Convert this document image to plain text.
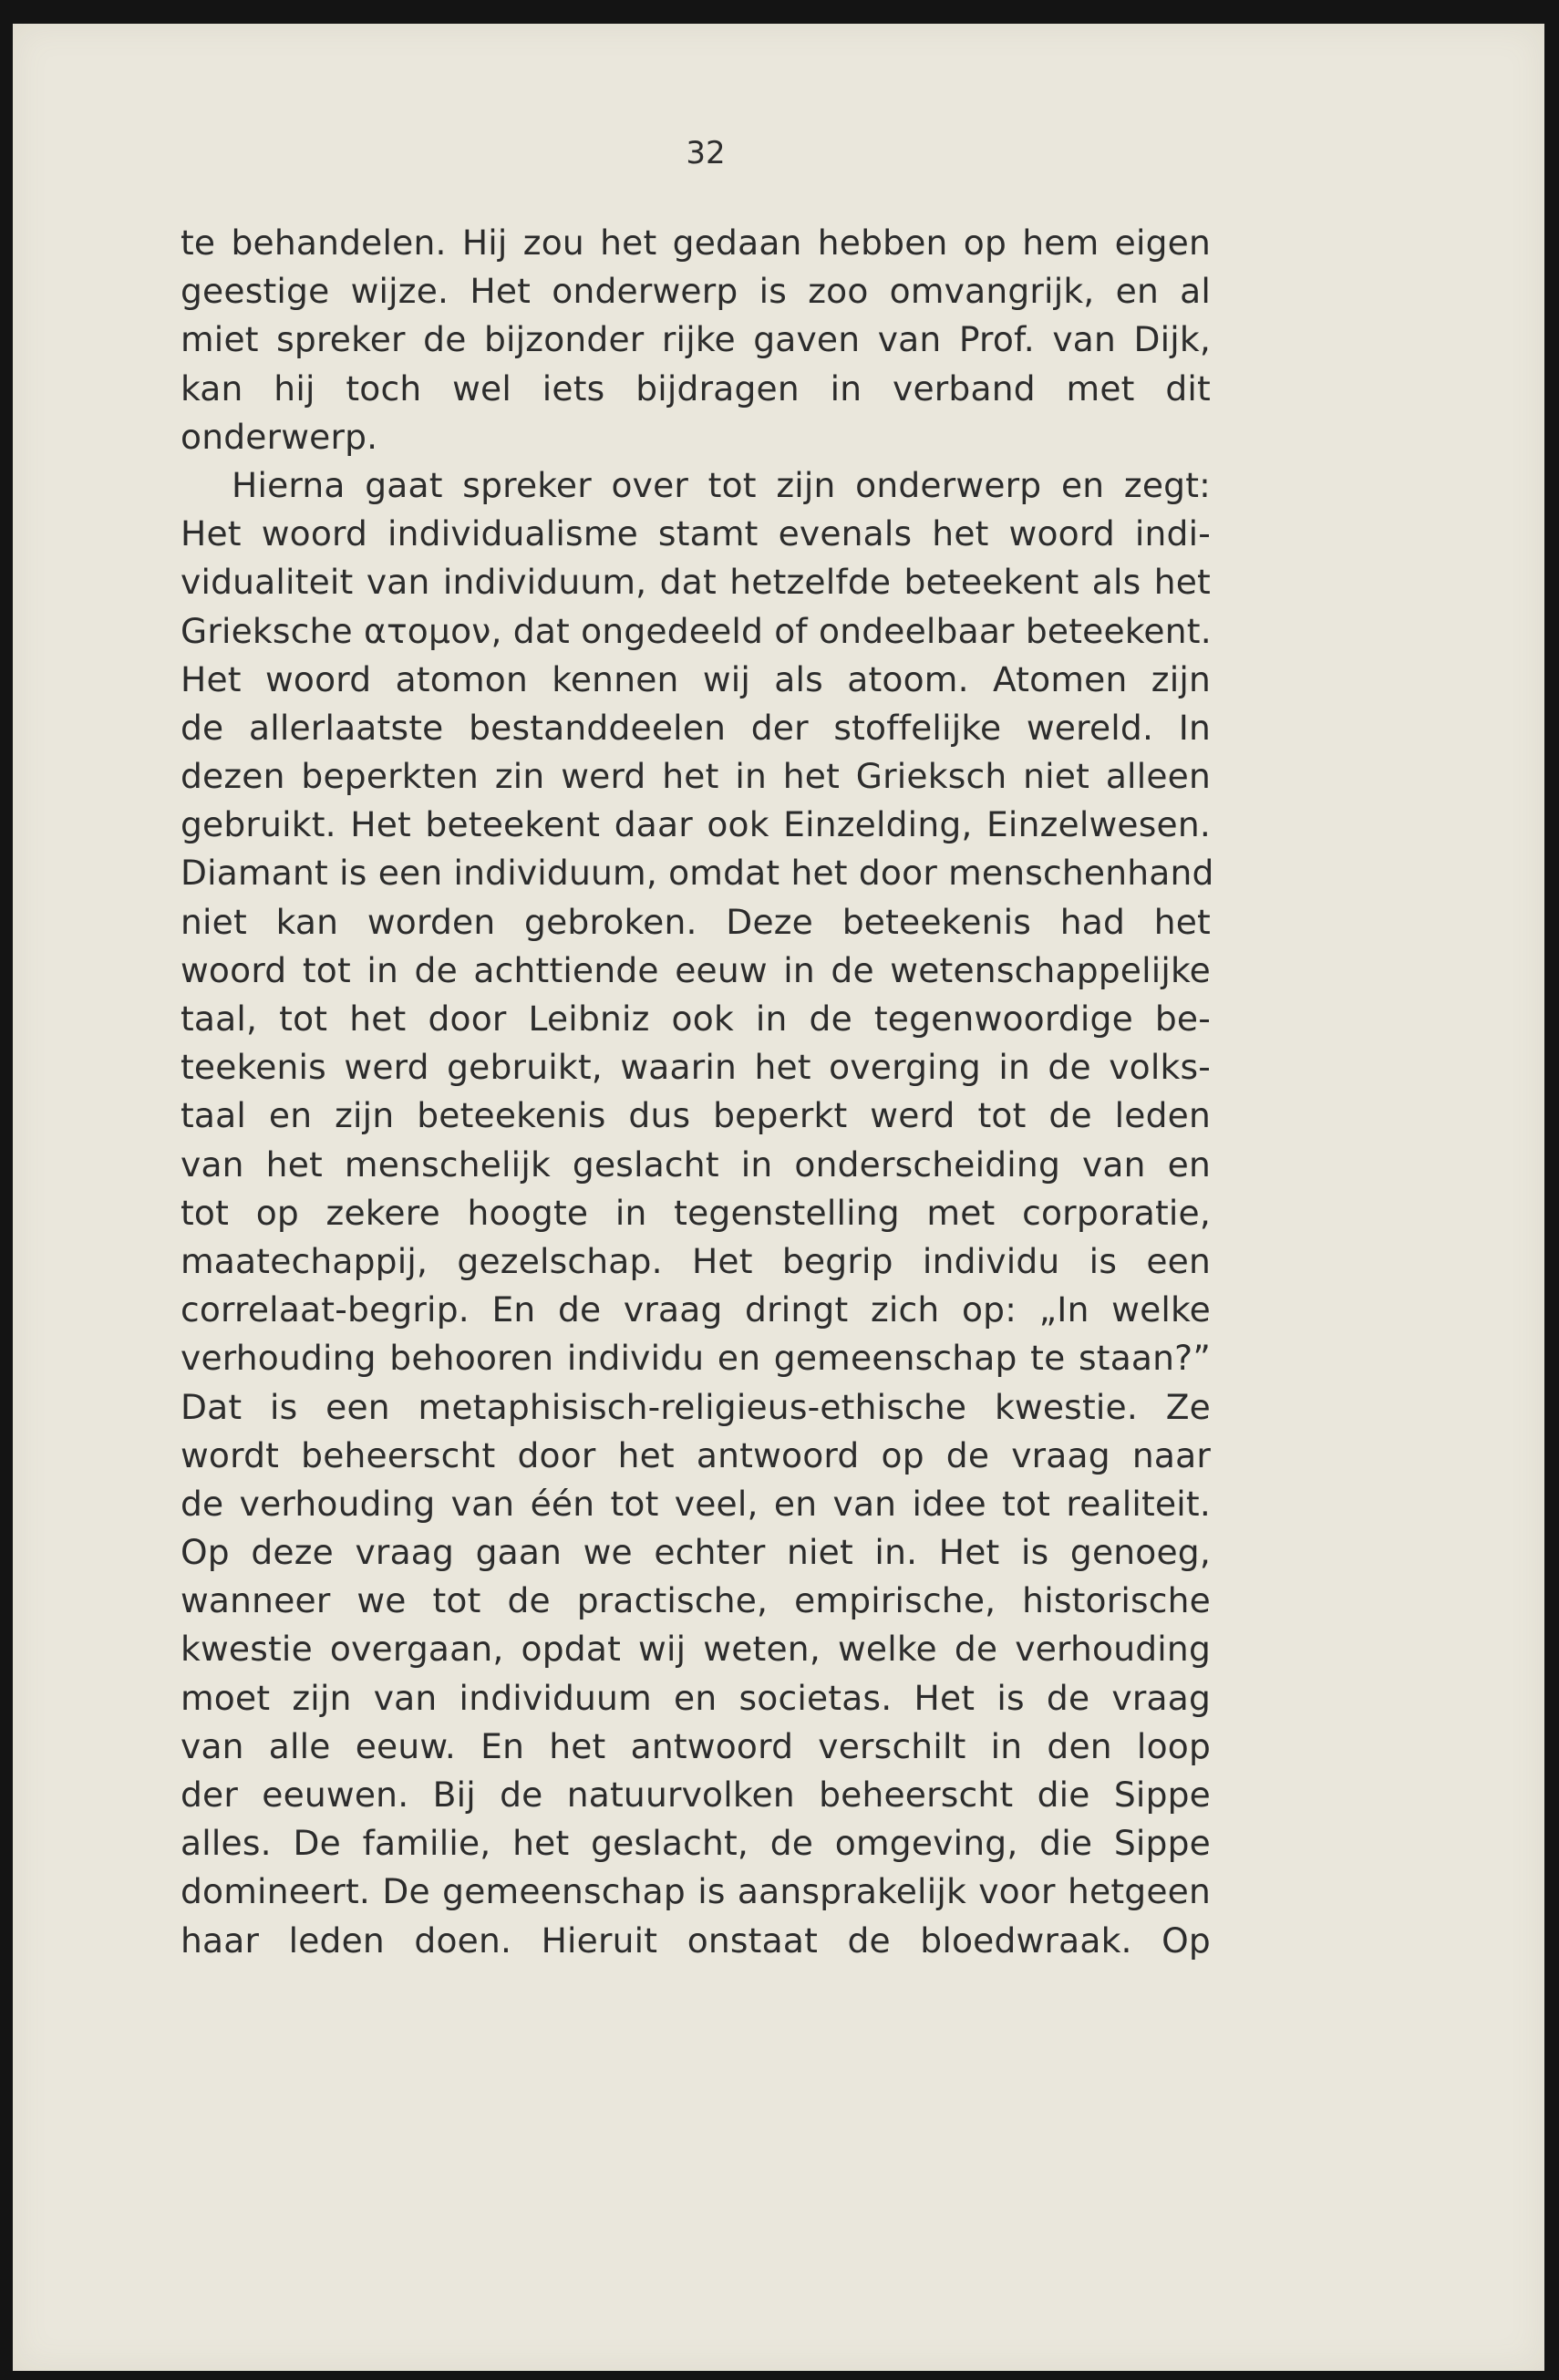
32
te behandelen. Hij zou het gedaan hebben op hem eigen
geestige wijze. Het onderwerp is zoo omvangrijk, en al
miet spreker de bijzonder rijke gaven van Prof. van Dijk,
kan hij toch wel iets bijdragen in verband met dit
onderwerp.
Hierna gaat spreker over tot zijn onderwerp en zegt:
Het woord individualisme stamt evenals het woord indi-
vidualiteit van individuum, dat hetzelfde beteekent als het
Grieksche ατομον, dat ongedeeld of ondeelbaar beteekent.
Het woord atomon kennen wij als atoom. Atomen zijn
de allerlaatste bestanddeelen der stoffelijke wereld. In
dezen beperkten zin werd het in het Grieksch niet alleen
gebruikt. Het beteekent daar ook Einzelding, Einzelwesen.
Diamant is een individuum, omdat het door menschenhand
niet kan worden gebroken. Deze beteekenis had het
woord tot in de achttiende eeuw in de wetenschappelijke
taal, tot het door Leibniz ook in de tegenwoordige be-
teekenis werd gebruikt, waarin het overging in de volks-
taal en zijn beteekenis dus beperkt werd tot de leden
van het menschelijk geslacht in onderscheiding van en
tot op zekere hoogte in tegenstelling met corporatie,
maatechappij, gezelschap. Het begrip individu is een
correlaat-begrip. En de vraag dringt zich op: „In welke
verhouding behooren individu en gemeenschap te staan?”
Dat is een metaphisisch-religieus-ethische kwestie. Ze
wordt beheerscht door het antwoord op de vraag naar
de verhouding van één tot veel, en van idee tot realiteit.
Op deze vraag gaan we echter niet in. Het is genoeg,
wanneer we tot de practische, empirische, historische
kwestie overgaan, opdat wij weten, welke de verhouding
moet zijn van individuum en societas. Het is de vraag
van alle eeuw. En het antwoord verschilt in den loop
der eeuwen. Bij de natuurvolken beheerscht die Sippe
alles. De familie, het geslacht, de omgeving, die Sippe
domineert. De gemeenschap is aansprakelijk voor hetgeen
haar leden doen. Hieruit onstaat de bloedwraak. Op
